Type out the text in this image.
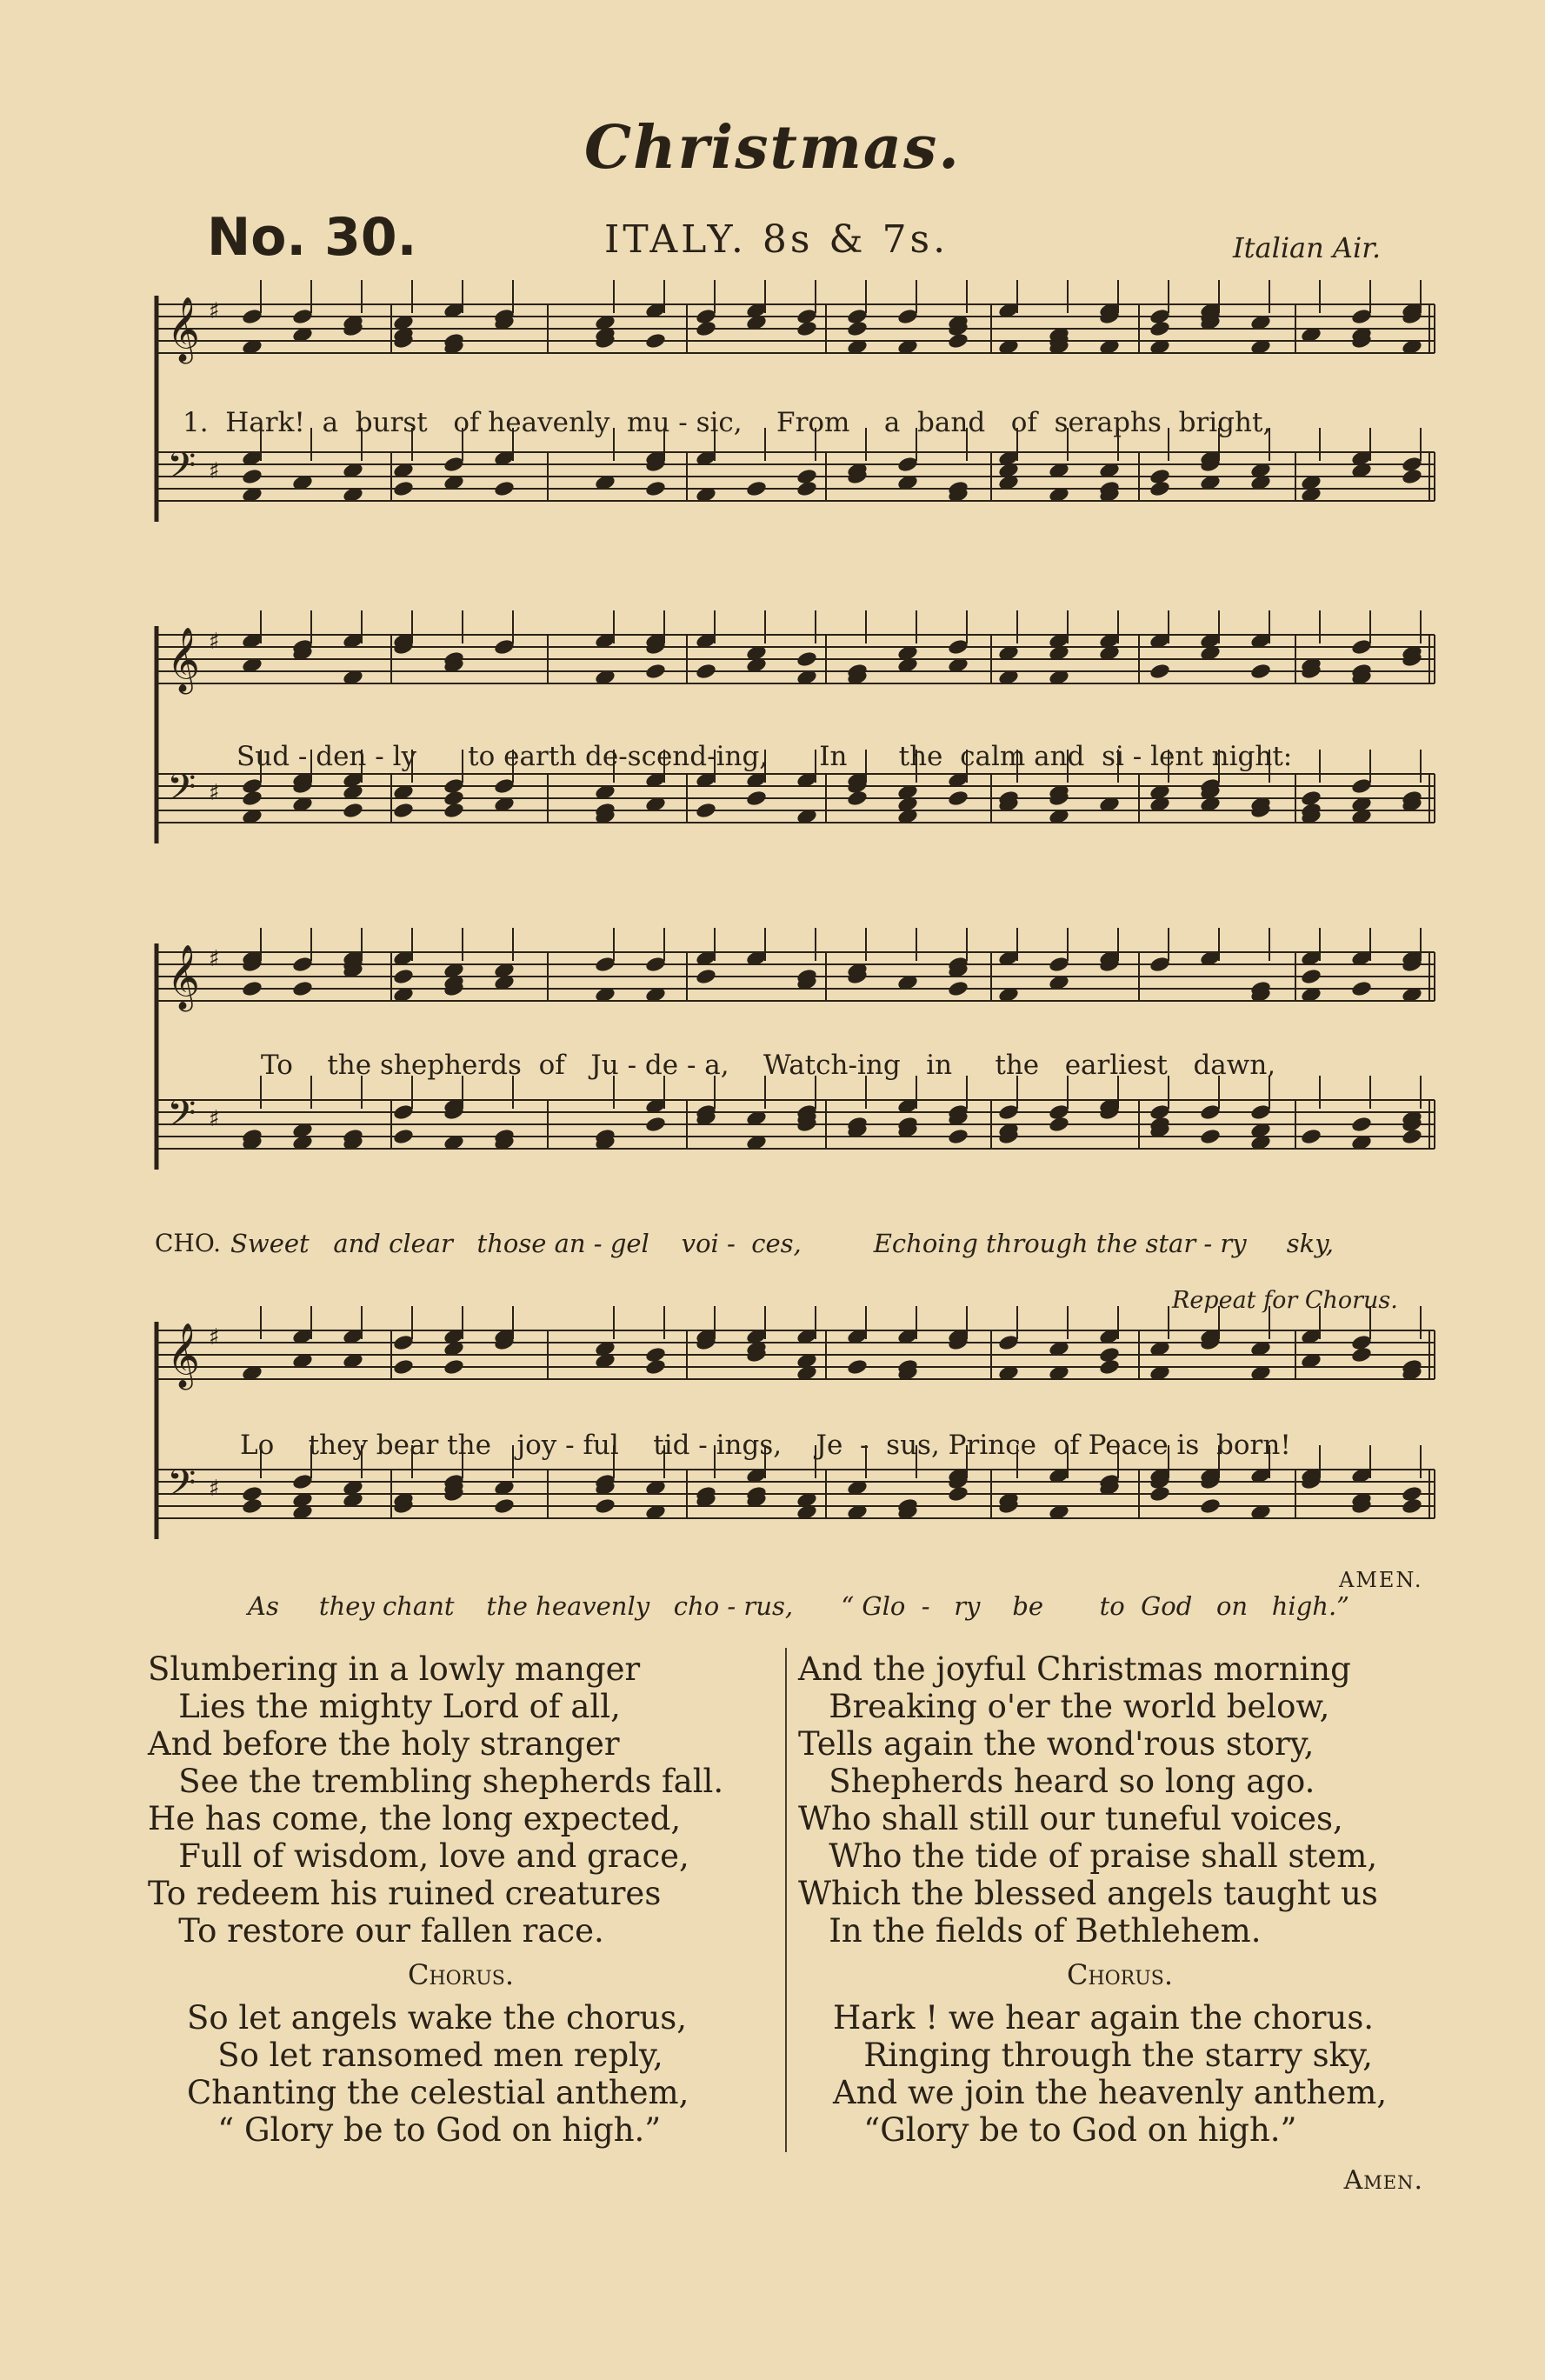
Christmas.
No. 30.	ITALY. 8s & 7s.	Italian Air.
𝄞 ♯
𝄢 ♯
𝄞 ♯
𝄢 ♯
𝄞 ♯
𝄢 ♯
𝄞 ♯
𝄢 ♯
1.  Hark!  a  burst   of heavenly  mu - sic,    From    a  band   of  seraphs  bright,
Sud - den - ly      to earth de-scend-ing,      In      the  calm and  si - lent night:
To    the shepherds  of   Ju - de - a,    Watch-ing   in     the   earliest   dawn,
CHO. Sweet   and clear   those an - gel    voi -  ces,         Echoing through the star - ry     sky,
Repeat for Chorus.
Lo    they bear the   joy - ful    tid - ings,    Je  -  sus, Prince  of Peace is  born!
AMEN.
As     they chant    the heavenly   cho - rus,      “ Glo  -   ry    be       to  God   on   high.”
Slumbering in a lowly manger
Lies the mighty Lord of all,
And before the holy stranger
See the trembling shepherds fall.
He has come, the long expected,
Full of wisdom, love and grace,
To redeem his ruined creatures
To restore our fallen race.
Chorus.
So let angels wake the chorus,
So let ransomed men reply,
Chanting the celestial anthem,
“ Glory be to God on high.”
And the joyful Christmas morning
Breaking o'er the world below,
Tells again the wond'rous story,
Shepherds heard so long ago.
Who shall still our tuneful voices,
Who the tide of praise shall stem,
Which the blessed angels taught us
In the fields of Bethlehem.
Chorus.
Hark ! we hear again the chorus.
Ringing through the starry sky,
And we join the heavenly anthem,
“Glory be to God on high.”
Amen.
